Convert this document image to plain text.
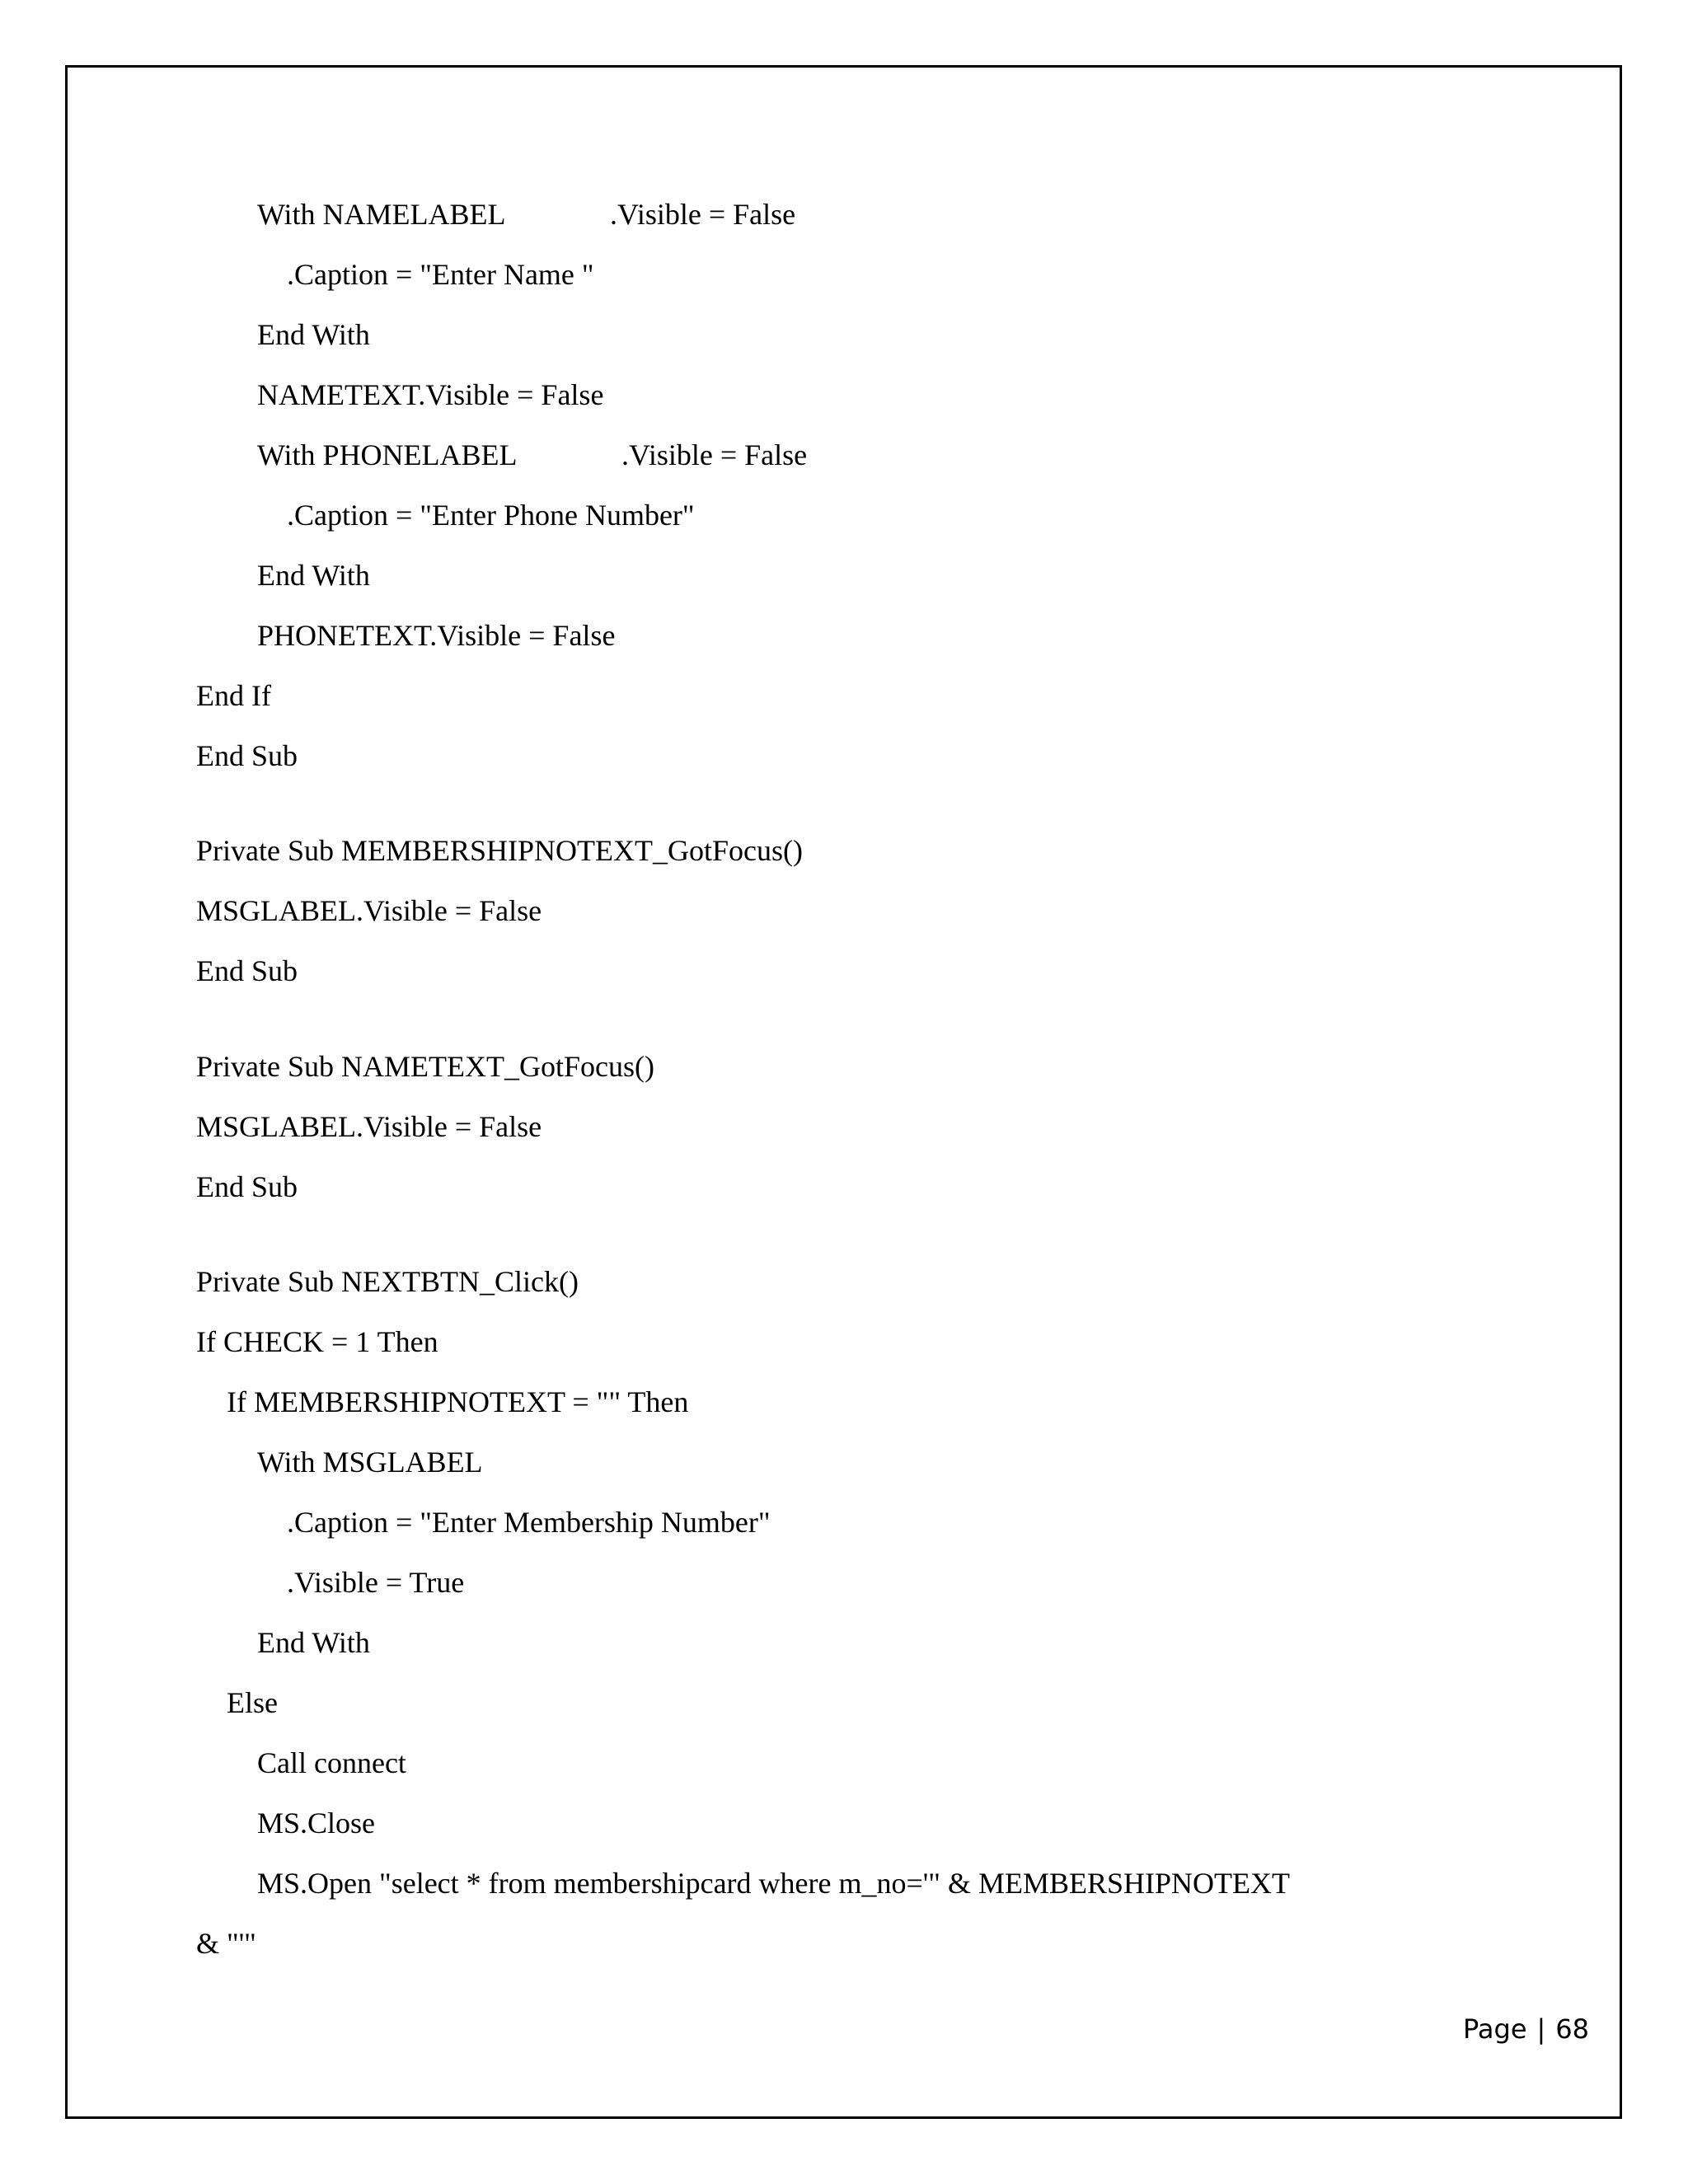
With NAMELABEL	.Visible = False
.Caption = "Enter Name "
End With
NAMETEXT.Visible = False
With PHONELABEL	.Visible = False
.Caption = "Enter Phone Number"
End With
PHONETEXT.Visible = False
End If
End Sub
Private Sub MEMBERSHIPNOTEXT_GotFocus()
MSGLABEL.Visible = False
End Sub
Private Sub NAMETEXT_GotFocus()
MSGLABEL.Visible = False
End Sub
Private Sub NEXTBTN_Click()
If CHECK = 1 Then
If MEMBERSHIPNOTEXT = "" Then
With MSGLABEL
.Caption = "Enter Membership Number"
.Visible = True
End With
Else
Call connect
MS.Close
MS.Open "select * from membershipcard where m_no='" & MEMBERSHIPNOTEXT
& "'"
Page | 68
